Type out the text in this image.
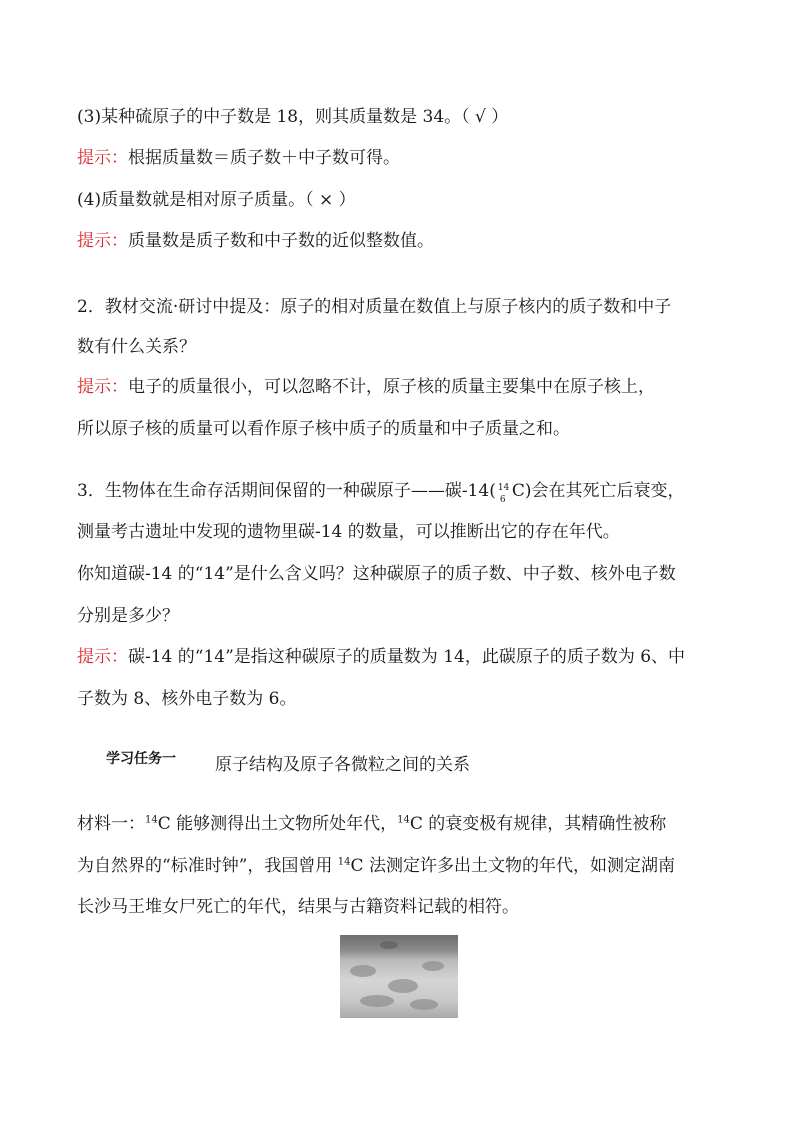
(3)某种硫原子的中子数是 18，则其质量数是 34。（ √ ）
提示：根据质量数＝质子数＋中子数可得。
(4)质量数就是相对原子质量。（ × ）
提示：质量数是质子数和中子数的近似整数值。
2．教材交流·研讨中提及：原子的相对质量在数值上与原子核内的质子数和中子
数有什么关系？
提示：电子的质量很小，可以忽略不计，原子核的质量主要集中在原子核上，
所以原子核的质量可以看作原子核中质子的质量和中子质量之和。
3．生物体在生命存活期间保留的一种碳原子——碳-14( 14
6 C)会在其死亡后衰变，
测量考古遗址中发现的遗物里碳-14 的数量，可以推断出它的存在年代。
你知道碳-14 的“14”是什么含义吗？这种碳原子的质子数、中子数、核外电子数
分别是多少？
提示：碳-14 的“14”是指这种碳原子的质量数为 14，此碳原子的质子数为 6、中
子数为 8、核外电子数为 6。
学习任务一 原子结构及原子各微粒之间的关系
材料一：$^{14}$C 能够测得出土文物所处年代，$^{14}$C 的衰变极有规律，其精确性被称
为自然界的“标准时钟”，我国曾用 $^{14}$C 法测定许多出土文物的年代，如测定湖南
长沙马王堆女尸死亡的年代，结果与古籍资料记载的相符。
